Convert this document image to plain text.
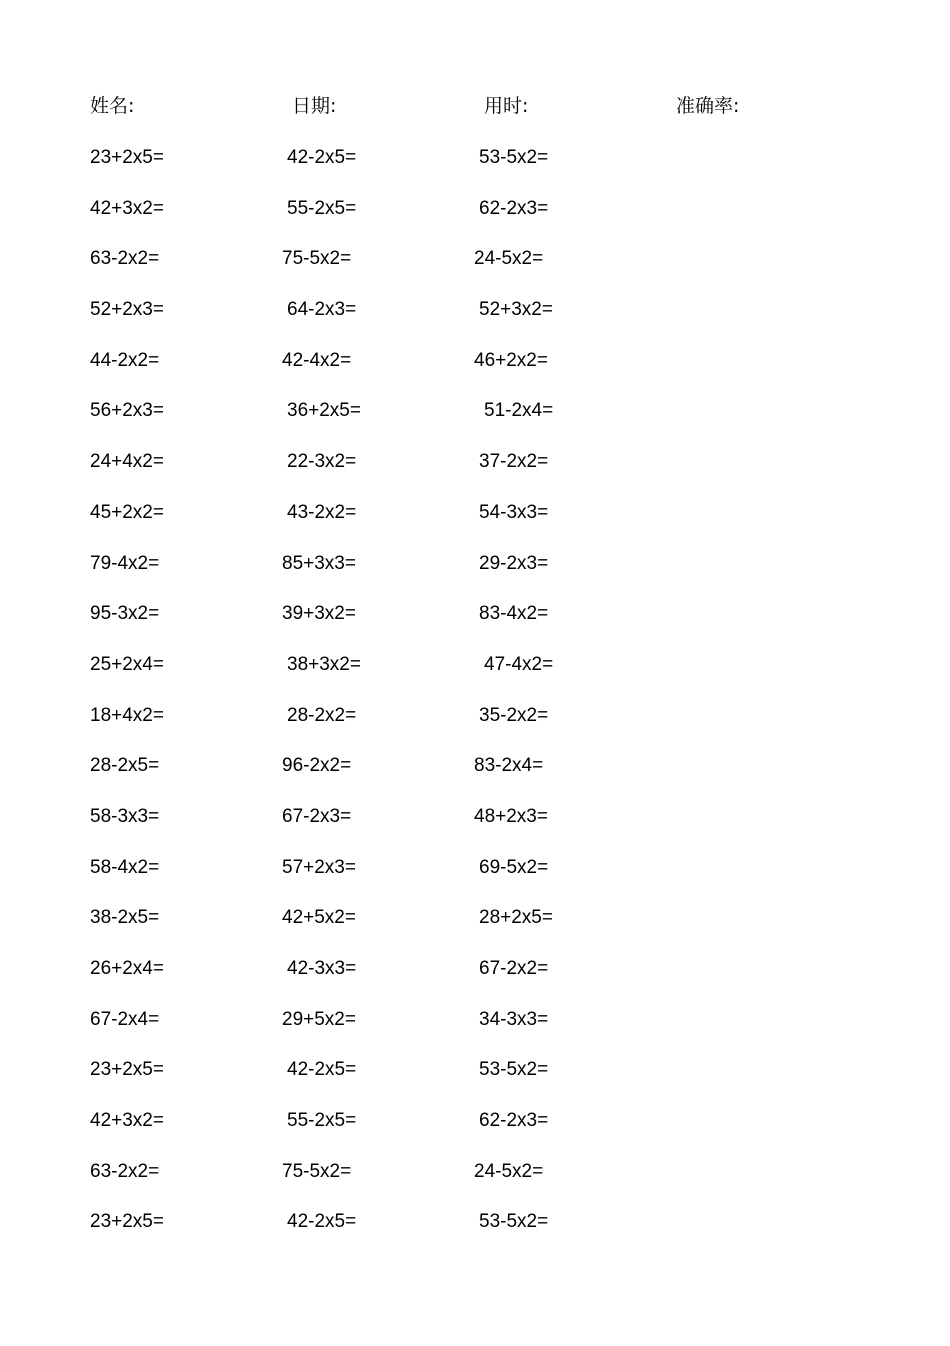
姓名:	日期:	用时:	准确率:
23+2x5=	42-2x5=	53-5x2=
42+3x2=	55-2x5=	62-2x3=
63-2x2=	75-5x2=	24-5x2=
52+2x3=	64-2x3=	52+3x2=
44-2x2=	42-4x2=	46+2x2=
56+2x3=	36+2x5=	51-2x4=
24+4x2=	22-3x2=	37-2x2=
45+2x2=	43-2x2=	54-3x3=
79-4x2=	85+3x3=	29-2x3=
95-3x2=	39+3x2=	83-4x2=
25+2x4=	38+3x2=	47-4x2=
18+4x2=	28-2x2=	35-2x2=
28-2x5=	96-2x2=	83-2x4=
58-3x3=	67-2x3=	48+2x3=
58-4x2=	57+2x3=	69-5x2=
38-2x5=	42+5x2=	28+2x5=
26+2x4=	42-3x3=	67-2x2=
67-2x4=	29+5x2=	34-3x3=
23+2x5=	42-2x5=	53-5x2=
42+3x2=	55-2x5=	62-2x3=
63-2x2=	75-5x2=	24-5x2=
23+2x5=	42-2x5=	53-5x2=
